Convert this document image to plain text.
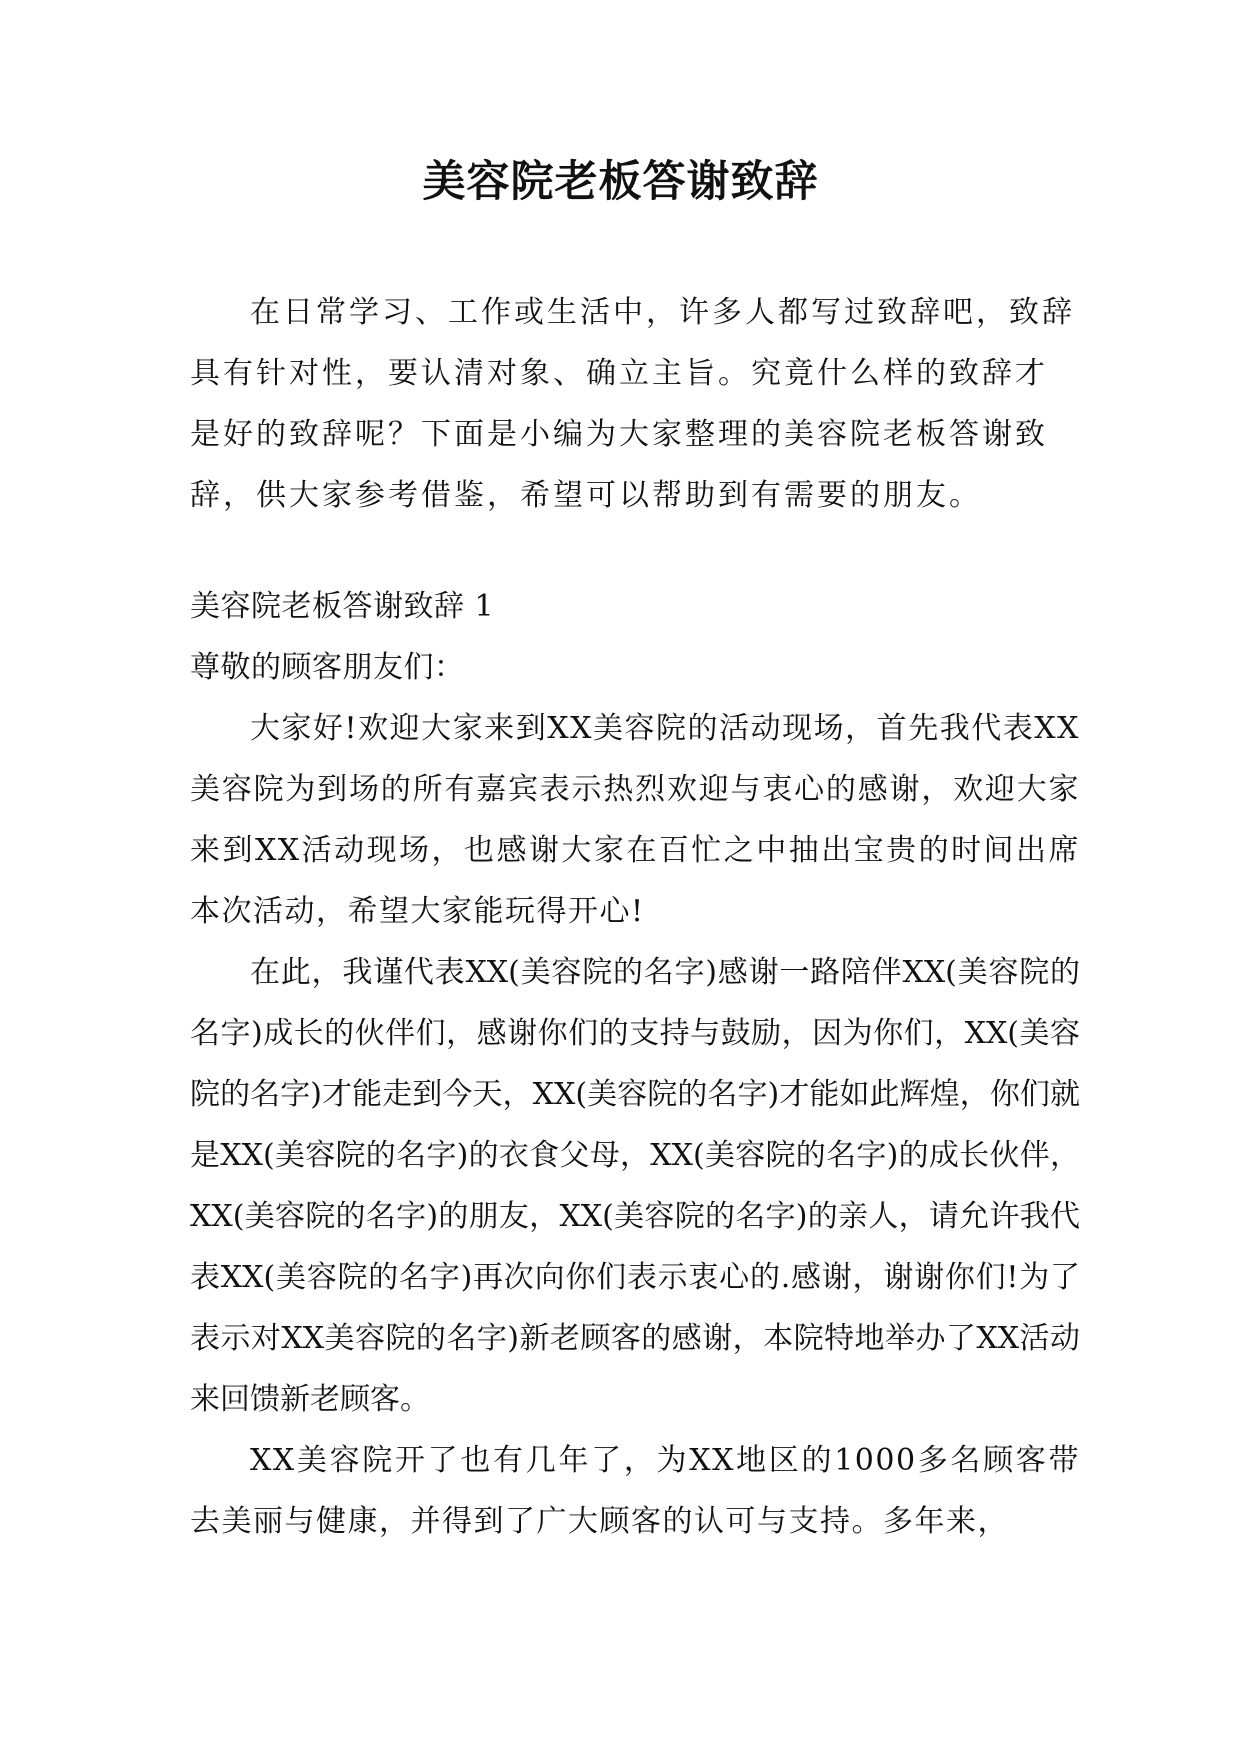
美容院老板答谢致辞

在日常学习、工作或生活中，许多人都写过致辞吧，致辞具有针对性，要认清对象、确立主旨。究竟什么样的致辞才是好的致辞呢？下面是小编为大家整理的美容院老板答谢致辞，供大家参考借鉴，希望可以帮助到有需要的朋友。

美容院老板答谢致辞 1

尊敬的顾客朋友们：

大家好!欢迎大家来到XX美容院的活动现场，首先我代表XX美容院为到场的所有嘉宾表示热烈欢迎与衷心的感谢，欢迎大家来到XX活动现场，也感谢大家在百忙之中抽出宝贵的时间出席本次活动，希望大家能玩得开心!

在此，我谨代表XX(美容院的名字)感谢一路陪伴XX(美容院的名字)成长的伙伴们，感谢你们的支持与鼓励，因为你们，XX(美容院的名字)才能走到今天，XX(美容院的名字)才能如此辉煌，你们就是XX(美容院的名字)的衣食父母，XX(美容院的名字)的成长伙伴，XX(美容院的名字)的朋友，XX(美容院的名字)的亲人，请允许我代表XX(美容院的名字)再次向你们表示衷心的.感谢，谢谢你们!为了表示对XX美容院的名字)新老顾客的感谢，本院特地举办了XX活动来回馈新老顾客。

XX美容院开了也有几年了，为XX地区的1000多名顾客带去美丽与健康，并得到了广大顾客的认可与支持。多年来，
